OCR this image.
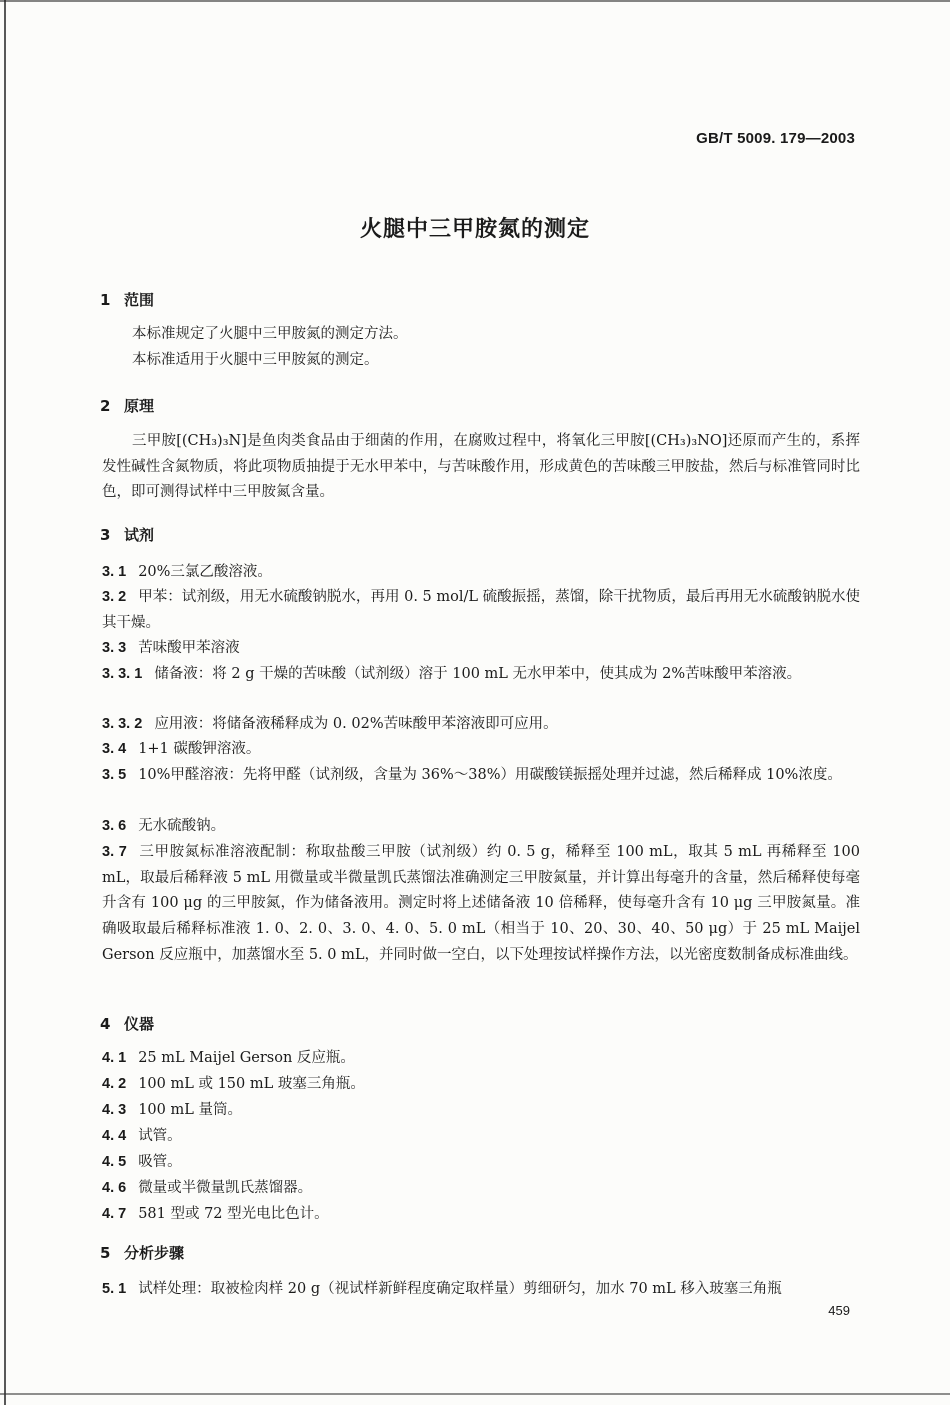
GB/T 5009. 179—2003
火腿中三甲胺氮的测定
1 范围
本标准规定了火腿中三甲胺氮的测定方法。
本标准适用于火腿中三甲胺氮的测定。
2 原理
三甲胺[(CH₃)₃N]是鱼肉类食品由于细菌的作用，在腐败过程中，将氧化三甲胺[(CH₃)₃NO]还原而产生的，系挥发性碱性含氮物质，将此项物质抽提于无水甲苯中，与苦味酸作用，形成黄色的苦味酸三甲胺盐，然后与标准管同时比色，即可测得试样中三甲胺氮含量。
3 试剂
3. 1 20%三氯乙酸溶液。
3. 2 甲苯：试剂级，用无水硫酸钠脱水，再用 0. 5 mol/L 硫酸振摇，蒸馏，除干扰物质，最后再用无水硫酸钠脱水使其干燥。
3. 3 苦味酸甲苯溶液
3. 3. 1 储备液：将 2 g 干燥的苦味酸（试剂级）溶于 100 mL 无水甲苯中，使其成为 2%苦味酸甲苯溶液。
3. 3. 2 应用液：将储备液稀释成为 0. 02%苦味酸甲苯溶液即可应用。
3. 4 1+1 碳酸钾溶液。
3. 5 10%甲醛溶液：先将甲醛（试剂级，含量为 36%～38%）用碳酸镁振摇处理并过滤，然后稀释成 10%浓度。
3. 6 无水硫酸钠。
3. 7 三甲胺氮标准溶液配制：称取盐酸三甲胺（试剂级）约 0. 5 g，稀释至 100 mL，取其 5 mL 再稀释至 100 mL，取最后稀释液 5 mL 用微量或半微量凯氏蒸馏法准确测定三甲胺氮量，并计算出每毫升的含量，然后稀释使每毫升含有 100 μg 的三甲胺氮，作为储备液用。测定时将上述储备液 10 倍稀释，使每毫升含有 10 μg 三甲胺氮量。准确吸取最后稀释标准液 1. 0、2. 0、3. 0、4. 0、5. 0 mL（相当于 10、20、30、40、50 μg）于 25 mL Maijel Gerson 反应瓶中，加蒸馏水至 5. 0 mL，并同时做一空白，以下处理按试样操作方法，以光密度数制备成标准曲线。
4 仪器
4. 1 25 mL Maijel Gerson 反应瓶。
4. 2 100 mL 或 150 mL 玻塞三角瓶。
4. 3 100 mL 量筒。
4. 4 试管。
4. 5 吸管。
4. 6 微量或半微量凯氏蒸馏器。
4. 7 581 型或 72 型光电比色计。
5 分析步骤
5. 1 试样处理：取被检肉样 20 g（视试样新鲜程度确定取样量）剪细研匀，加水 70 mL 移入玻塞三角瓶
459
